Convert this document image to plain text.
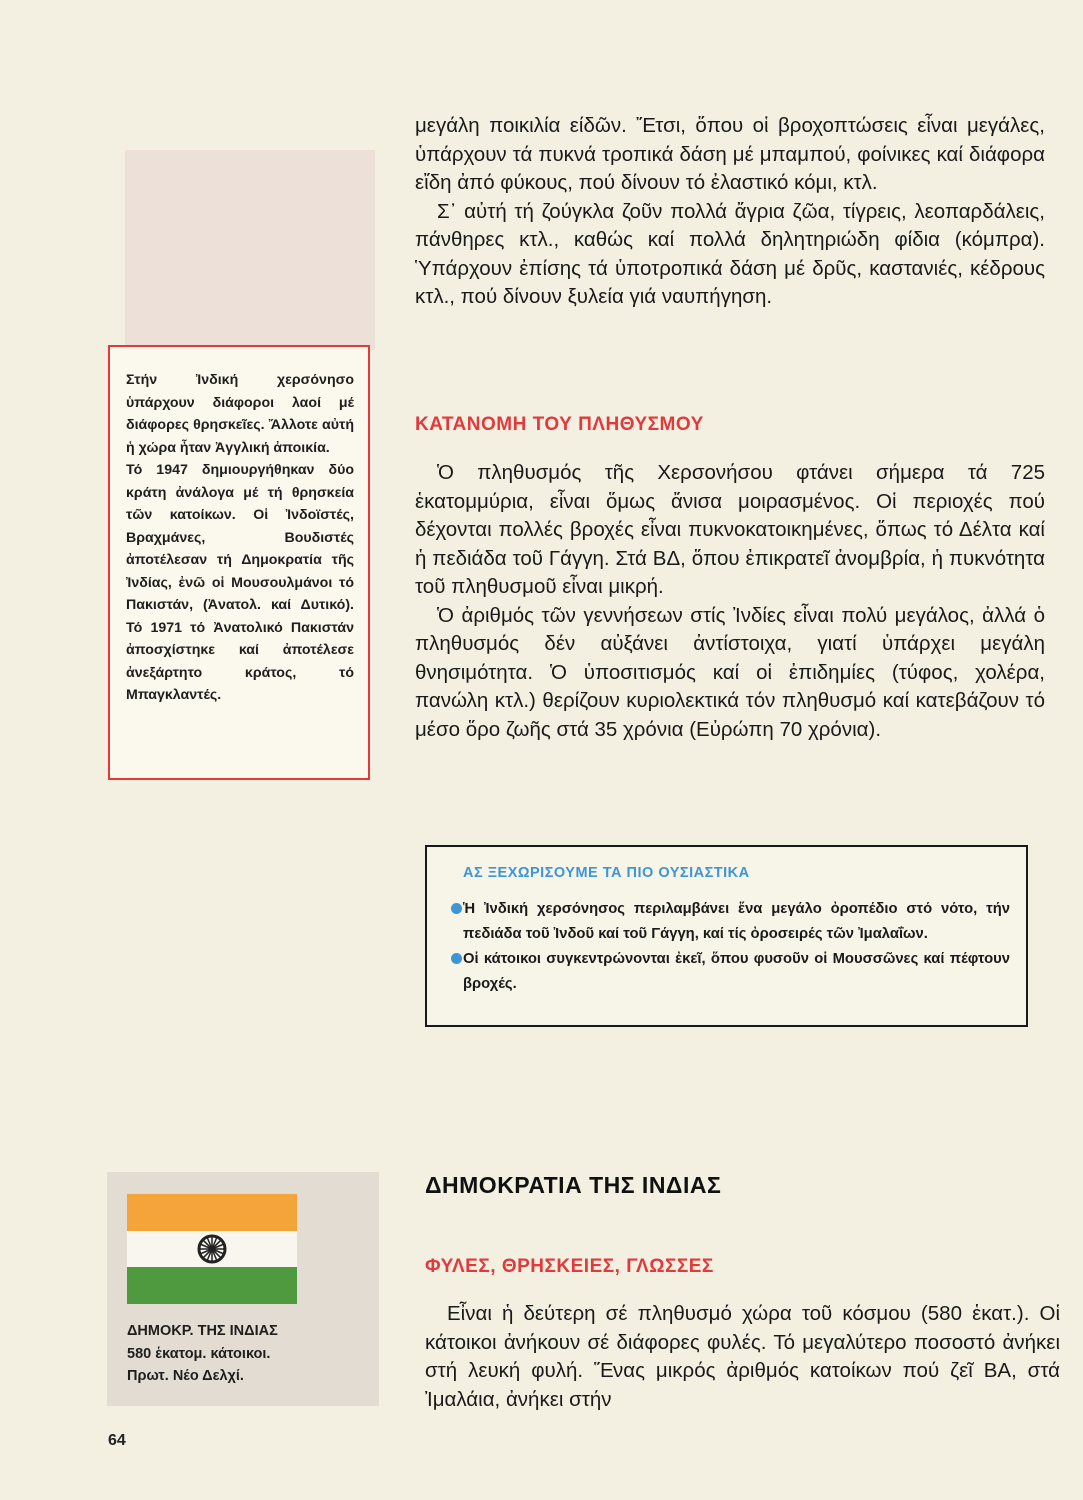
μεγάλη ποικιλία είδῶν. Ἔτσι, ὅπου οἱ βροχοπτώσεις εἶναι μεγάλες, ὑπάρχουν τά πυκνά τροπικά δάση μέ μπαμπού, φοίνικες καί διάφορα εἴδη ἀπό φύκους, πού δίνουν τό ἐλαστικό κόμι, κτλ.

Σ᾽ αὐτή τή ζούγκλα ζοῦν πολλά ἄγρια ζῶα, τίγρεις, λεοπαρδάλεις, πάνθηρες κτλ., καθώς καί πολλά δηλητηριώδη φίδια (κόμπρα). Ὑπάρχουν ἐπίσης τά ὑποτροπικά δάση μέ δρῦς, καστανιές, κέδρους κτλ., πού δίνουν ξυλεία γιά ναυπήγηση.

Στήν Ἰνδική χερσόνησο ὑπάρχουν διάφοροι λαοί μέ διάφορες θρησκεῖες. Ἄλλοτε αὐτή ἡ χώρα ἦταν Ἀγγλική ἀποικία.

Τό 1947 δημιουργήθηκαν δύο κράτη ἀνάλογα μέ τή θρησκεία τῶν κατοίκων. Οἱ Ἰνδοϊστές, Βραχμάνες, Βουδιστές ἀποτέλεσαν τή Δημοκρατία τῆς Ἰνδίας, ἐνῶ οἱ Μουσουλμάνοι τό Πακιστάν, (Ἀνατολ. καί Δυτικό). Τό 1971 τό Ἀνατολικό Πακιστάν ἀποσχίστηκε καί ἀποτέλεσε ἀνεξάρτητο κράτος, τό Μπαγκλαντές.

ΚΑΤΑΝΟΜΗ ΤΟΥ ΠΛΗΘΥΣΜΟΥ

Ὁ πληθυσμός τῆς Χερσονήσου φτάνει σήμερα τά 725 ἑκατομμύρια, εἶναι ὅμως ἄνισα μοιρασμένος. Οἱ περιοχές πού δέχονται πολλές βροχές εἶναι πυκνοκατοικημένες, ὅπως τό Δέλτα καί ἡ πεδιάδα τοῦ Γάγγη. Στά ΒΔ, ὅπου ἐπικρατεῖ ἀνομβρία, ἡ πυκνότητα τοῦ πληθυσμοῦ εἶναι μικρή.

Ὁ ἀριθμός τῶν γεννήσεων στίς Ἰνδίες εἶναι πολύ μεγάλος, ἀλλά ὁ πληθυσμός δέν αὐξάνει ἀντίστοιχα, γιατί ὑπάρχει μεγάλη θνησιμότητα. Ὁ ὑποσιτισμός καί οἱ ἐπιδημίες (τύφος, χολέρα, πανώλη κτλ.) θερίζουν κυριολεκτικά τόν πληθυσμό καί κατεβάζουν τό μέσο ὅρο ζωῆς στά 35 χρόνια (Εὐρώπη 70 χρόνια).

ΑΣ ΞΕΧΩΡΙΣΟΥΜΕ ΤΑ ΠΙΟ ΟΥΣΙΑΣΤΙΚΑ
Ἡ Ἰνδική χερσόνησος περιλαμβάνει ἕνα μεγάλο ὀροπέδιο στό νότο, τήν πεδιάδα τοῦ Ἰνδοῦ καί τοῦ Γάγγη, καί τίς ὀροσειρές τῶν Ἰμαλαΐων.
Οἱ κάτοικοι συγκεντρώνονται ἐκεῖ, ὅπου φυσοῦν οἱ Μουσσῶνες καί πέφτουν βροχές.
ΔΗΜΟΚΡΑΤΙΑ ΤΗΣ ΙΝΔΙΑΣ
ΦΥΛΕΣ, ΘΡΗΣΚΕΙΕΣ, ΓΛΩΣΣΕΣ

Εἶναι ἡ δεύτερη σέ πληθυσμό χώρα τοῦ κόσμου (580 ἑκατ.). Οἱ κάτοικοι ἀνήκουν σέ διάφορες φυλές. Τό μεγαλύτερο ποσοστό ἀνήκει στή λευκή φυλή. Ἕνας μικρός ἀριθμός κατοίκων πού ζεῖ ΒΑ, στά Ἰμαλάια, ἀνήκει στήν

ΔΗΜΟΚΡ. ΤΗΣ ΙΝΔΙΑΣ
580 ἑκατομ. κάτοικοι.
Πρωτ. Νέο Δελχί.
64
